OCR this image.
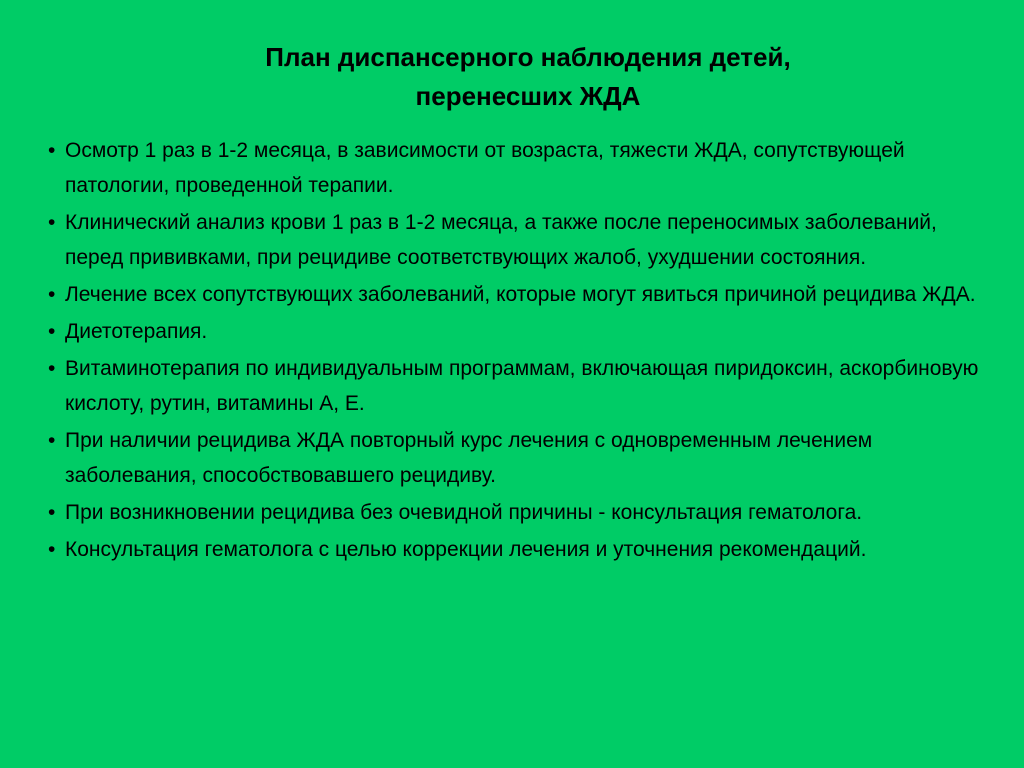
План диспансерного наблюдения детей,
перенесших ЖДА
• Осмотр 1 раз в 1-2 месяца, в зависимости от возраста, тяжести ЖДА, сопутствующей патологии, проведенной терапии.
• Клинический анализ крови 1 раз в 1-2 месяца, а также после переносимых заболеваний, перед прививками, при рецидиве соответствующих жалоб, ухудшении состояния.
• Лечение всех сопутствующих заболеваний, которые могут явиться причиной рецидива ЖДА.
• Диетотерапия.
• Витаминотерапия по индивидуальным программам, включающая пиридоксин, аскорбиновую кислоту, рутин, витамины А, Е.
• При наличии рецидива ЖДА повторный курс лечения с одновременным лечением заболевания, способствовавшего рецидиву.
• При возникновении рецидива без очевидной причины - консультация гематолога.
• Консультация гематолога с целью коррекции лечения и уточнения рекомендаций.
